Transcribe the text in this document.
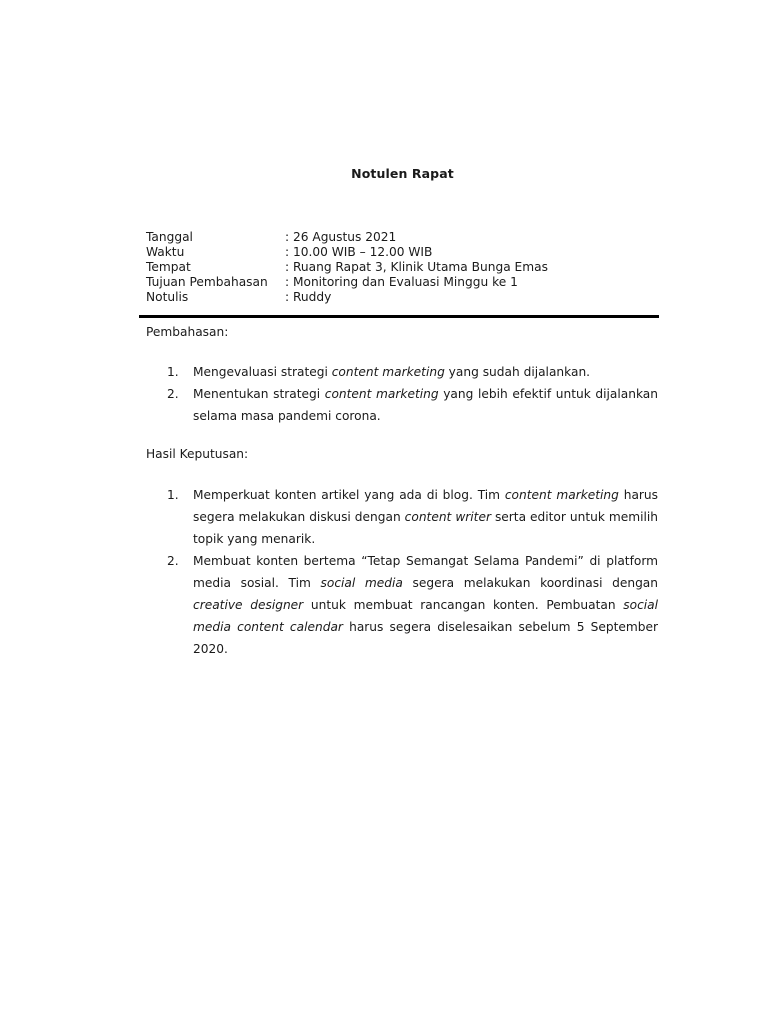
Notulen Rapat
Tanggal	: 26 Agustus 2021
Waktu	: 10.00 WIB – 12.00 WIB
Tempat	: Ruang Rapat 3, Klinik Utama Bunga Emas
Tujuan Pembahasan	: Monitoring dan Evaluasi Minggu ke 1
Notulis	: Ruddy
Pembahasan:
1.	Mengevaluasi strategi content marketing yang sudah dijalankan.
2.	Menentukan strategi content marketing yang lebih efektif untuk dijalankan selama masa pandemi corona.
Hasil Keputusan:
1.	Memperkuat konten artikel yang ada di blog. Tim content marketing harus segera melakukan diskusi dengan content writer serta editor untuk memilih topik yang menarik.
2.	Membuat konten bertema “Tetap Semangat Selama Pandemi” di platform media sosial. Tim social media segera melakukan koordinasi dengan creative designer untuk membuat rancangan konten. Pembuatan social media content calendar harus segera diselesaikan sebelum 5 September 2020.
